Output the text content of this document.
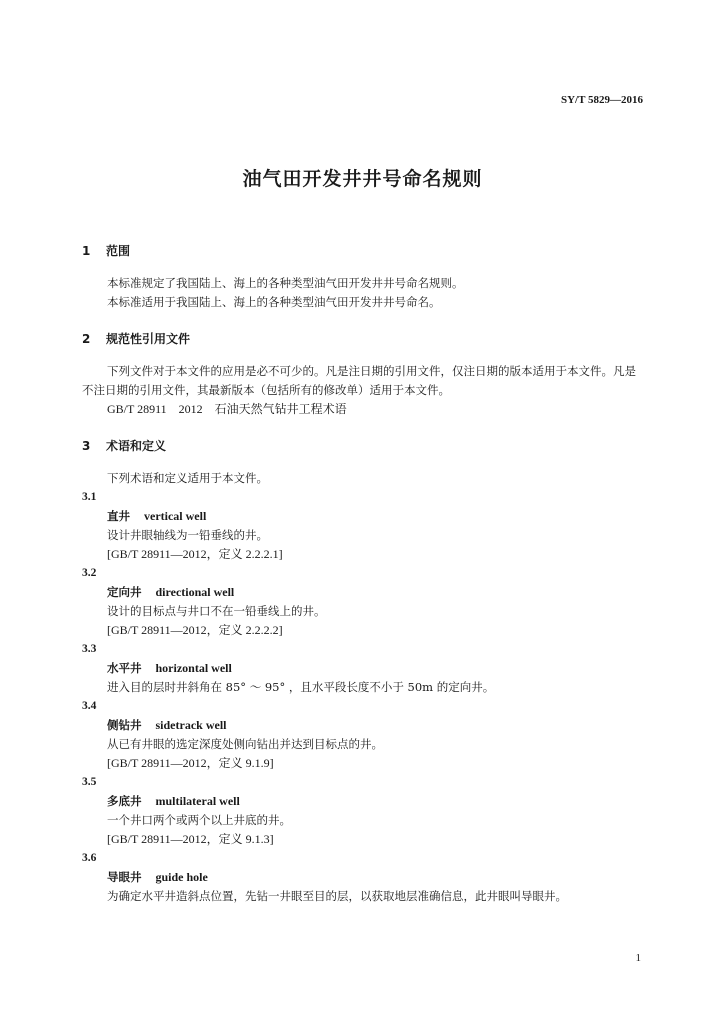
SY/T 5829—2016
油气田开发井井号命名规则
1 范围

本标准规定了我国陆上、海上的各种类型油气田开发井井号命名规则。

本标准适用于我国陆上、海上的各种类型油气田开发井井号命名。

2 规范性引用文件

下列文件对于本文件的应用是必不可少的。凡是注日期的引用文件，仅注日期的版本适用于本文件。凡是不注日期的引用文件，其最新版本（包括所有的修改单）适用于本文件。

GB/T 28911　2012　石油天然气钻井工程术语

3 术语和定义

下列术语和定义适用于本文件。

3.1
直井 vertical well
设计井眼轴线为一铅垂线的井。
[GB/T 28911—2012，定义 2.2.2.1]
3.2
定向井 directional well
设计的目标点与井口不在一铅垂线上的井。
[GB/T 28911—2012，定义 2.2.2.2]
3.3
水平井 horizontal well
进入目的层时井斜角在 85° ～ 95° ，且水平段长度不小于 50m 的定向井。
3.4
侧钻井 sidetrack well
从已有井眼的选定深度处侧向钻出并达到目标点的井。
[GB/T 28911—2012，定义 9.1.9]
3.5
多底井 multilateral well
一个井口两个或两个以上井底的井。
[GB/T 28911—2012，定义 9.1.3]
3.6
导眼井 guide hole
为确定水平井造斜点位置，先钻一井眼至目的层，以获取地层准确信息，此井眼叫导眼井。
1
